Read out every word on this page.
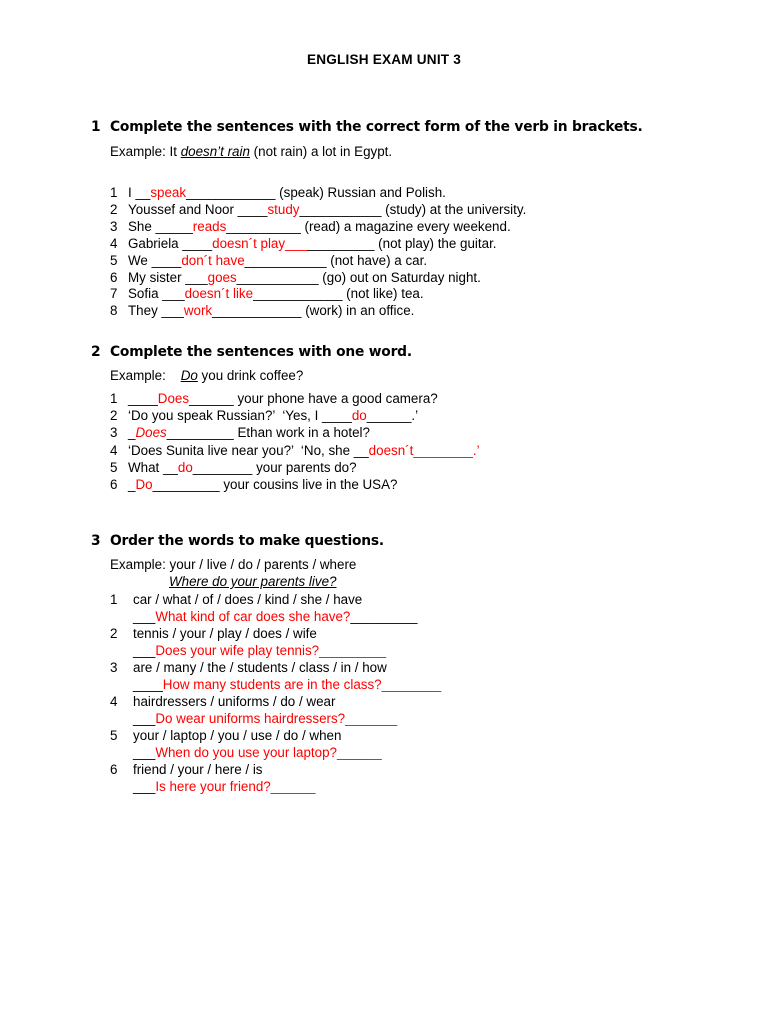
ENGLISH EXAM UNIT 3
1 Complete the sentences with the correct form of the verb in brackets.
Example: It doesn’t rain (not rain) a lot in Egypt.
1 I __speak____________ (speak) Russian and Polish.
2 Youssef and Noor ____study___________ (study) at the university.
3 She _____reads__________ (read) a magazine every weekend.
4 Gabriela ____doesn´t play____________ (not play) the guitar.
5 We ____don´t have___________ (not have) a car.
6 My sister ___goes___________ (go) out on Saturday night.
7 Sofia ___doesn´t like____________ (not like) tea.
8 They ___work____________ (work) in an office.
2 Complete the sentences with one word.
Example:    Do you drink coffee?
1 ____Does______ your phone have a good camera?
2 ‘Do you speak Russian?’  ‘Yes, I ____do______.’
3 _Does_________ Ethan work in a hotel?
4 ‘Does Sunita live near you?’  ‘No, she __doesn´t________.’
5 What __do________ your parents do?
6 _Do_________ your cousins live in the USA?
3 Order the words to make questions.
Example: your / live / do / parents / where
Where do your parents live?
1 car / what / of / does / kind / she / have
___What kind of car does she have?_________
2 tennis / your / play / does / wife
___Does your wife play tennis?_________
3 are / many / the / students / class / in / how
____How many students are in the class?________
4 hairdressers / uniforms / do / wear
___Do wear uniforms hairdressers?_______
5 your / laptop / you / use / do / when
___When do you use your laptop?______
6 friend / your / here / is
___Is here your friend?______
